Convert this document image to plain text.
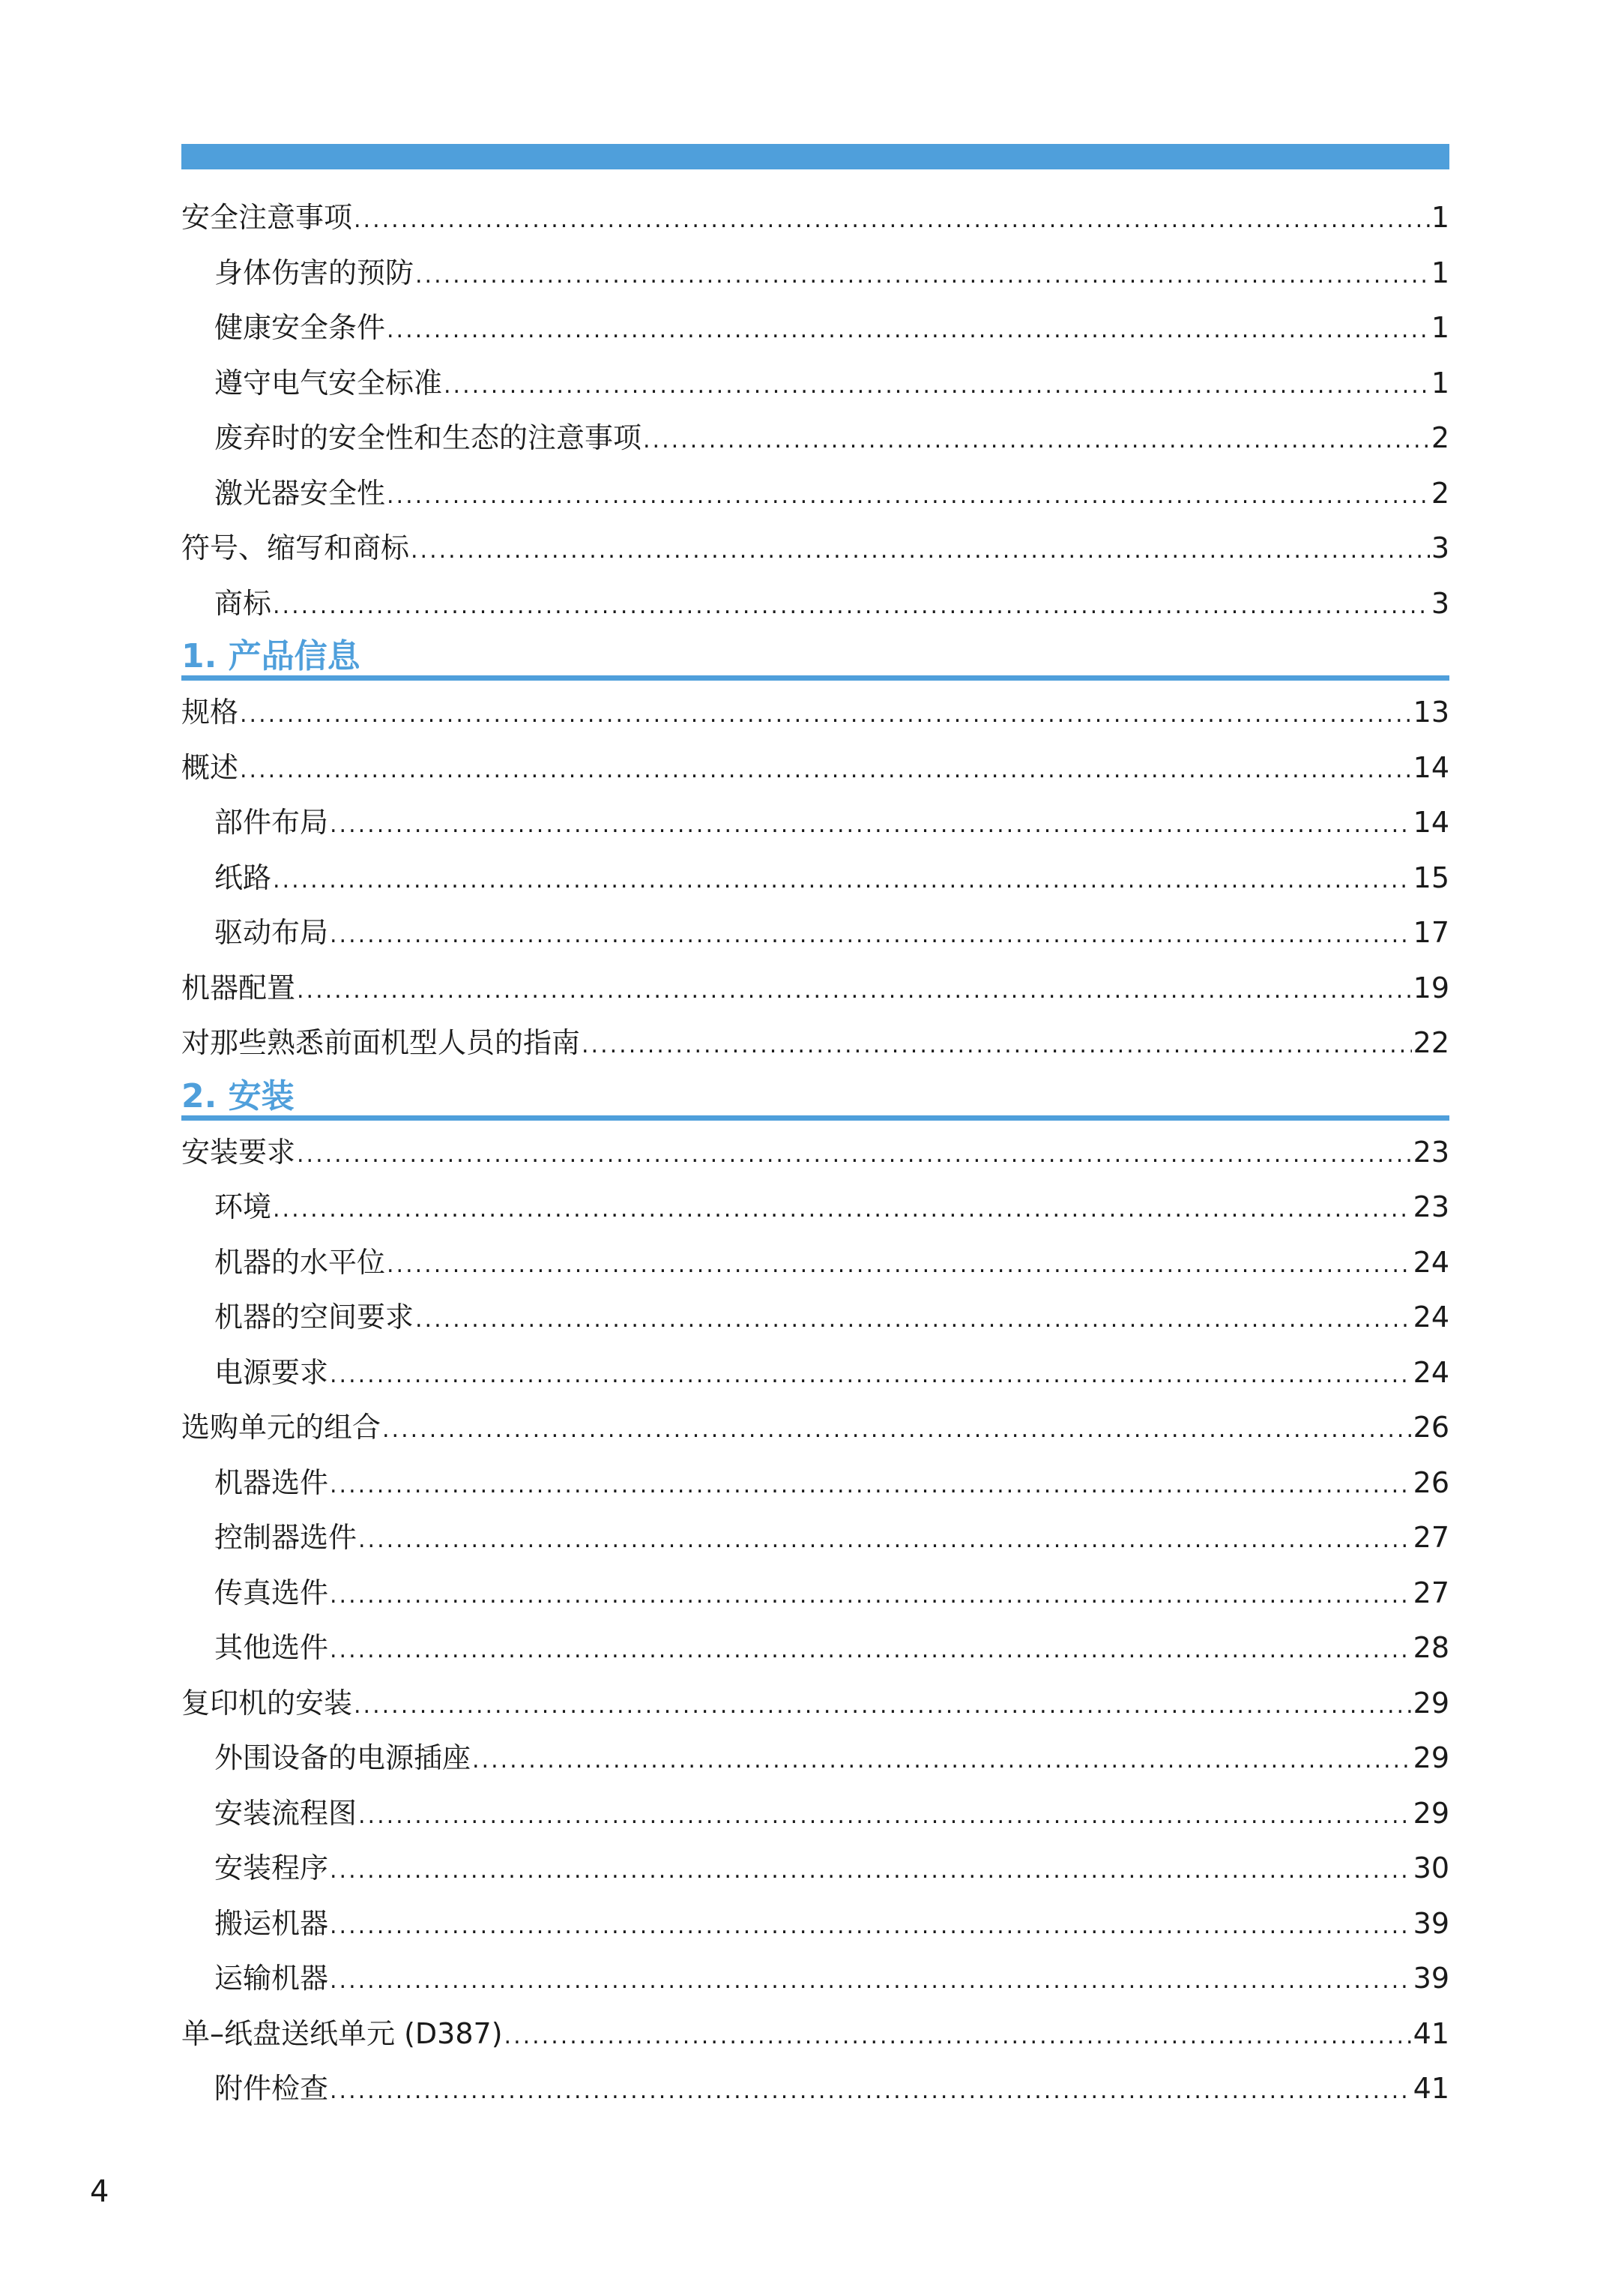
安全注意事项 .....	1
身体伤害的预防 .....	1
健康安全条件 .....	1
遵守电气安全标准 .....	1
废弃时的安全性和生态的注意事项 .....	2
激光器安全性 .....	2
符号、缩写和商标 .....	3
商标 .....	3
1. 产品信息
规格 .....	13
概述 .....	14
部件布局 .....	14
纸路 .....	15
驱动布局 .....	17
机器配置 .....	19
对那些熟悉前面机型人员的指南 .....	22
2. 安装
安装要求 .....	23
环境 .....	23
机器的水平位 .....	24
机器的空间要求 .....	24
电源要求 .....	24
选购单元的组合 .....	26
机器选件 .....	26
控制器选件 .....	27
传真选件 .....	27
其他选件 .....	28
复印机的安装 .....	29
外围设备的电源插座 .....	29
安装流程图 .....	29
安装程序 .....	30
搬运机器 .....	39
运输机器 .....	39
单–纸盘送纸单元 (D387) .....	41
附件检查 .....	41
4
